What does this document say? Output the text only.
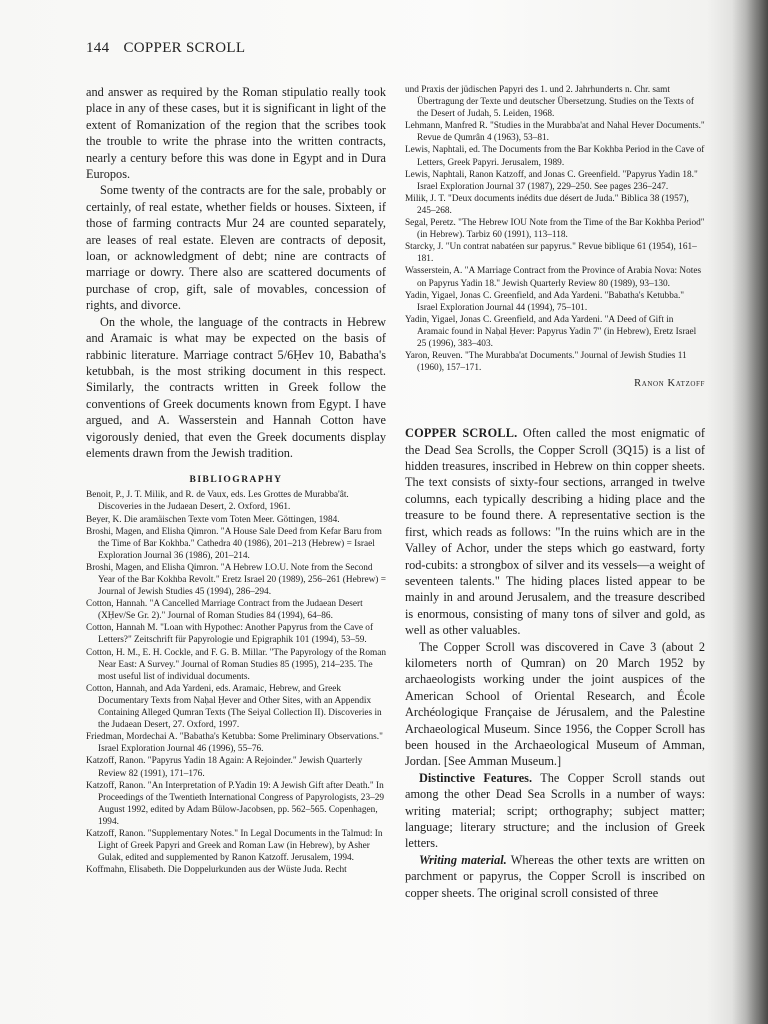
144 COPPER SCROLL

and answer as required by the Roman stipulatio really took place in any of these cases, but it is significant in light of the extent of Romanization of the region that the scribes took the trouble to write the phrase into the written contracts, nearly a century before this was done in Egypt and in Dura Europos.

Some twenty of the contracts are for the sale, probably or certainly, of real estate, whether fields or houses. Sixteen, if those of farming contracts Mur 24 are counted separately, are leases of real estate. Eleven are contracts of deposit, loan, or acknowledgment of debt; nine are contracts of marriage or dowry. There also are scattered documents of purchase of crop, gift, sale of movables, concession of rights, and divorce.

On the whole, the language of the contracts in Hebrew and Aramaic is what may be expected on the basis of rabbinic literature. Marriage contract 5/6Ḥev 10, Babatha's ketubbah, is the most striking document in this respect. Similarly, the contracts written in Greek follow the conventions of Greek documents known from Egypt. I have argued, and A. Wasserstein and Hannah Cotton have vigorously denied, that even the Greek documents display elements drawn from the Jewish tradition.

BIBLIOGRAPHY
Benoit, P., J. T. Milik, and R. de Vaux, eds. Les Grottes de Murabba'ât. Discoveries in the Judaean Desert, 2. Oxford, 1961.
Beyer, K. Die aramäischen Texte vom Toten Meer. Göttingen, 1984.
Broshi, Magen, and Elisha Qimron. "A House Sale Deed from Kefar Baru from the Time of Bar Kokhba." Cathedra 40 (1986), 201–213 (Hebrew) = Israel Exploration Journal 36 (1986), 201–214.
Broshi, Magen, and Elisha Qimron. "A Hebrew I.O.U. Note from the Second Year of the Bar Kokhba Revolt." Eretz Israel 20 (1989), 256–261 (Hebrew) = Journal of Jewish Studies 45 (1994), 286–294.
Cotton, Hannah. "A Cancelled Marriage Contract from the Judaean Desert (XḤev/Se Gr. 2)." Journal of Roman Studies 84 (1994), 64–86.
Cotton, Hannah M. "Loan with Hypothec: Another Papyrus from the Cave of Letters?" Zeitschrift für Papyrologie und Epigraphik 101 (1994), 53–59.
Cotton, H. M., E. H. Cockle, and F. G. B. Millar. "The Papyrology of the Roman Near East: A Survey." Journal of Roman Studies 85 (1995), 214–235. The most useful list of individual documents.
Cotton, Hannah, and Ada Yardeni, eds. Aramaic, Hebrew, and Greek Documentary Texts from Naḥal Ḥever and Other Sites, with an Appendix Containing Alleged Qumran Texts (The Seiyal Collection II). Discoveries in the Judaean Desert, 27. Oxford, 1997.
Friedman, Mordechai A. "Babatha's Ketubba: Some Preliminary Observations." Israel Exploration Journal 46 (1996), 55–76.
Katzoff, Ranon. "Papyrus Yadin 18 Again: A Rejoinder." Jewish Quarterly Review 82 (1991), 171–176.
Katzoff, Ranon. "An Interpretation of P.Yadin 19: A Jewish Gift after Death." In Proceedings of the Twentieth International Congress of Papyrologists, 23–29 August 1992, edited by Adam Bülow-Jacobsen, pp. 562–565. Copenhagen, 1994.
Katzoff, Ranon. "Supplementary Notes." In Legal Documents in the Talmud: In Light of Greek Papyri and Greek and Roman Law (in Hebrew), by Asher Gulak, edited and supplemented by Ranon Katzoff. Jerusalem, 1994.
Koffmahn, Elisabeth. Die Doppelurkunden aus der Wüste Juda. Recht
und Praxis der jüdischen Papyri des 1. und 2. Jahrhunderts n. Chr. samt Übertragung der Texte und deutscher Übersetzung. Studies on the Texts of the Desert of Judah, 5. Leiden, 1968.
Lehmann, Manfred R. "Studies in the Murabba'at and Nahal Hever Documents." Revue de Qumrân 4 (1963), 53–81.
Lewis, Naphtali, ed. The Documents from the Bar Kokhba Period in the Cave of Letters, Greek Papyri. Jerusalem, 1989.
Lewis, Naphtali, Ranon Katzoff, and Jonas C. Greenfield. "Papyrus Yadin 18." Israel Exploration Journal 37 (1987), 229–250. See pages 236–247.
Milik, J. T. "Deux documents inédits due désert de Juda." Biblica 38 (1957), 245–268.
Segal, Peretz. "The Hebrew IOU Note from the Time of the Bar Kokhba Period" (in Hebrew). Tarbiz 60 (1991), 113–118.
Starcky, J. "Un contrat nabatéen sur papyrus." Revue biblique 61 (1954), 161–181.
Wasserstein, A. "A Marriage Contract from the Province of Arabia Nova: Notes on Papyrus Yadin 18." Jewish Quarterly Review 80 (1989), 93–130.
Yadin, Yigael, Jonas C. Greenfield, and Ada Yardeni. "Babatha's Ketubba." Israel Exploration Journal 44 (1994), 75–101.
Yadin, Yigael, Jonas C. Greenfield, and Ada Yardeni. "A Deed of Gift in Aramaic found in Naḥal Ḥever: Papyrus Yadin 7" (in Hebrew), Eretz Israel 25 (1996), 383–403.
Yaron, Reuven. "The Murabba'at Documents." Journal of Jewish Studies 11 (1960), 157–171.
Ranon Katzoff

COPPER SCROLL. Often called the most enigmatic of the Dead Sea Scrolls, the Copper Scroll (3Q15) is a list of hidden treasures, inscribed in Hebrew on thin copper sheets. The text consists of sixty-four sections, arranged in twelve columns, each typically describing a hiding place and the treasure to be found there. A representative section is the first, which reads as follows: "In the ruins which are in the Valley of Achor, under the steps which go eastward, forty rod-cubits: a strongbox of silver and its vessels—a weight of seventeen talents." The hiding places listed appear to be mainly in and around Jerusalem, and the treasure described is enormous, consisting of many tons of silver and gold, as well as other valuables.

The Copper Scroll was discovered in Cave 3 (about 2 kilometers north of Qumran) on 20 March 1952 by archaeologists working under the joint auspices of the American School of Oriental Research, and École Archéologique Française de Jérusalem, and the Palestine Archaeological Museum. Since 1956, the Copper Scroll has been housed in the Archaeological Museum of Amman, Jordan. [See Amman Museum.]

Distinctive Features. The Copper Scroll stands out among the other Dead Sea Scrolls in a number of ways: writing material; script; orthography; subject matter; language; literary structure; and the inclusion of Greek letters.

Writing material. Whereas the other texts are written on parchment or papyrus, the Copper Scroll is inscribed on copper sheets. The original scroll consisted of three
